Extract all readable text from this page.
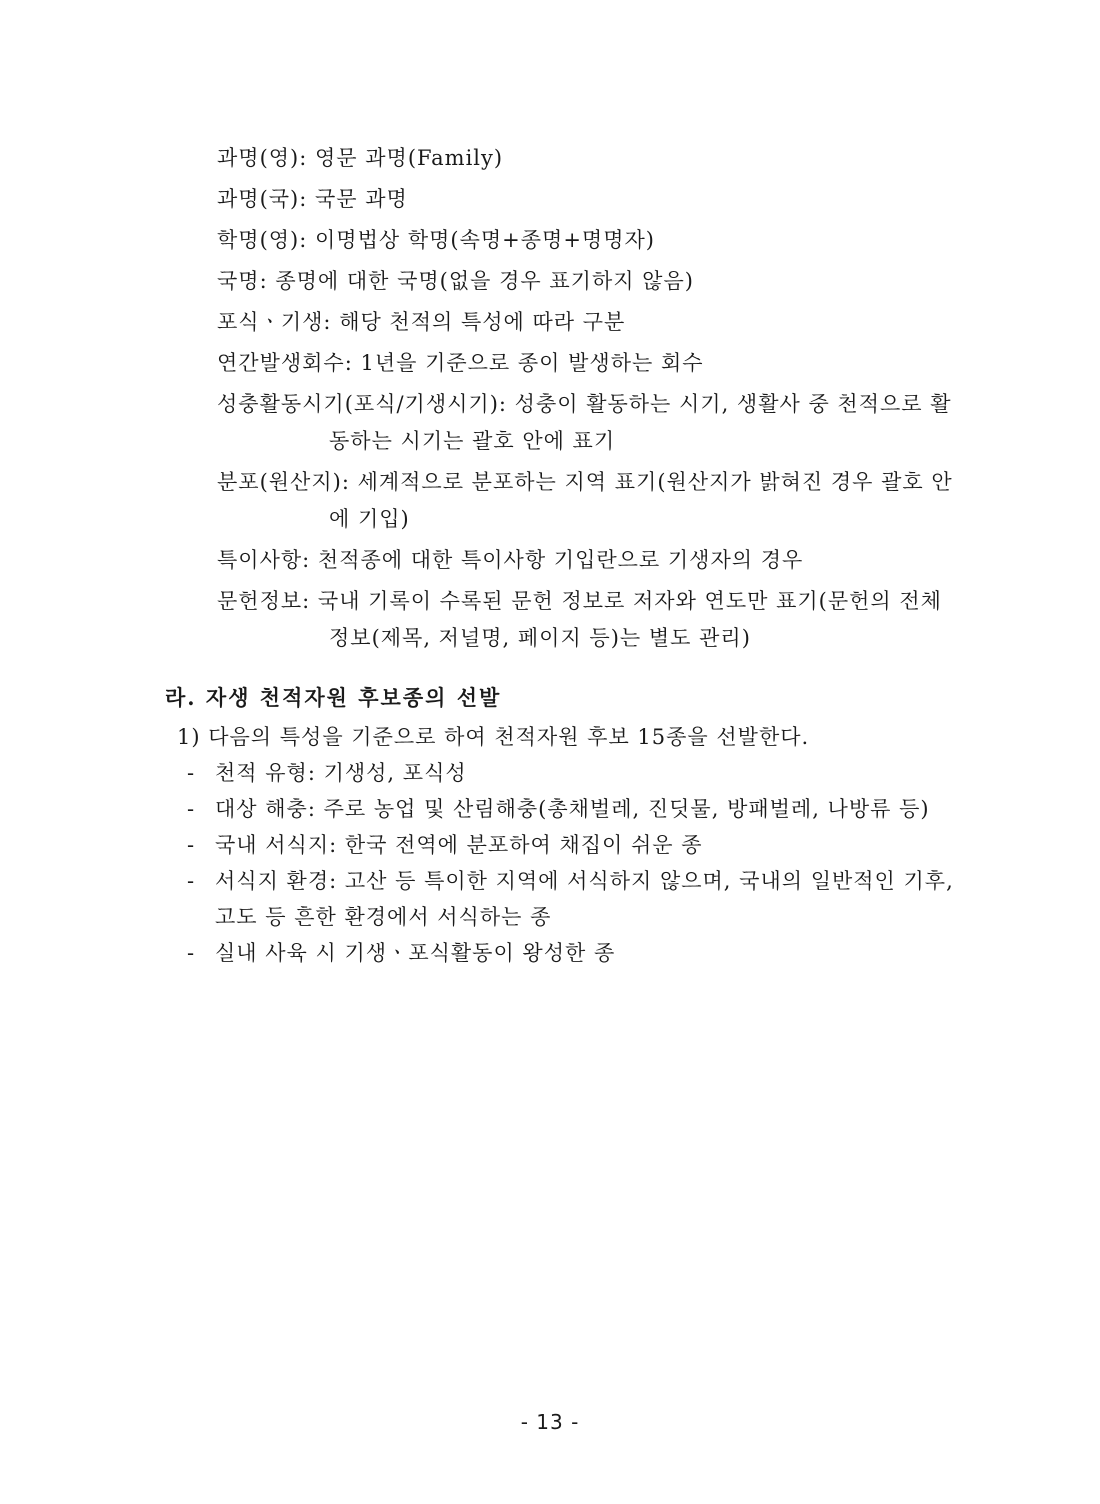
과명(영): 영문 과명(Family)
과명(국): 국문 과명
학명(영): 이명법상 학명(속명+종명+명명자)
국명: 종명에 대한 국명(없을 경우 표기하지 않음)
포식ㆍ기생: 해당 천적의 특성에 따라 구분
연간발생회수: 1년을 기준으로 종이 발생하는 회수
성충활동시기(포식/기생시기): 성충이 활동하는 시기, 생활사 중 천적으로 활동하는 시기는 괄호 안에 표기
분포(원산지): 세계적으로 분포하는 지역 표기(원산지가 밝혀진 경우 괄호 안에 기입)
특이사항: 천적종에 대한 특이사항 기입란으로 기생자의 경우
문헌정보: 국내 기록이 수록된 문헌 정보로 저자와 연도만 표기(문헌의 전체 정보(제목, 저널명, 페이지 등)는 별도 관리)
라. 자생 천적자원 후보종의 선발

1) 다음의 특성을 기준으로 하여 천적자원 후보 15종을 선발한다.

- 천적 유형: 기생성, 포식성
- 대상 해충: 주로 농업 및 산림해충(총채벌레, 진딧물, 방패벌레, 나방류 등)
- 국내 서식지: 한국 전역에 분포하여 채집이 쉬운 종
- 서식지 환경: 고산 등 특이한 지역에 서식하지 않으며, 국내의 일반적인 기후, 고도 등 흔한 환경에서 서식하는 종
- 실내 사육 시 기생ㆍ포식활동이 왕성한 종
- 13 -
